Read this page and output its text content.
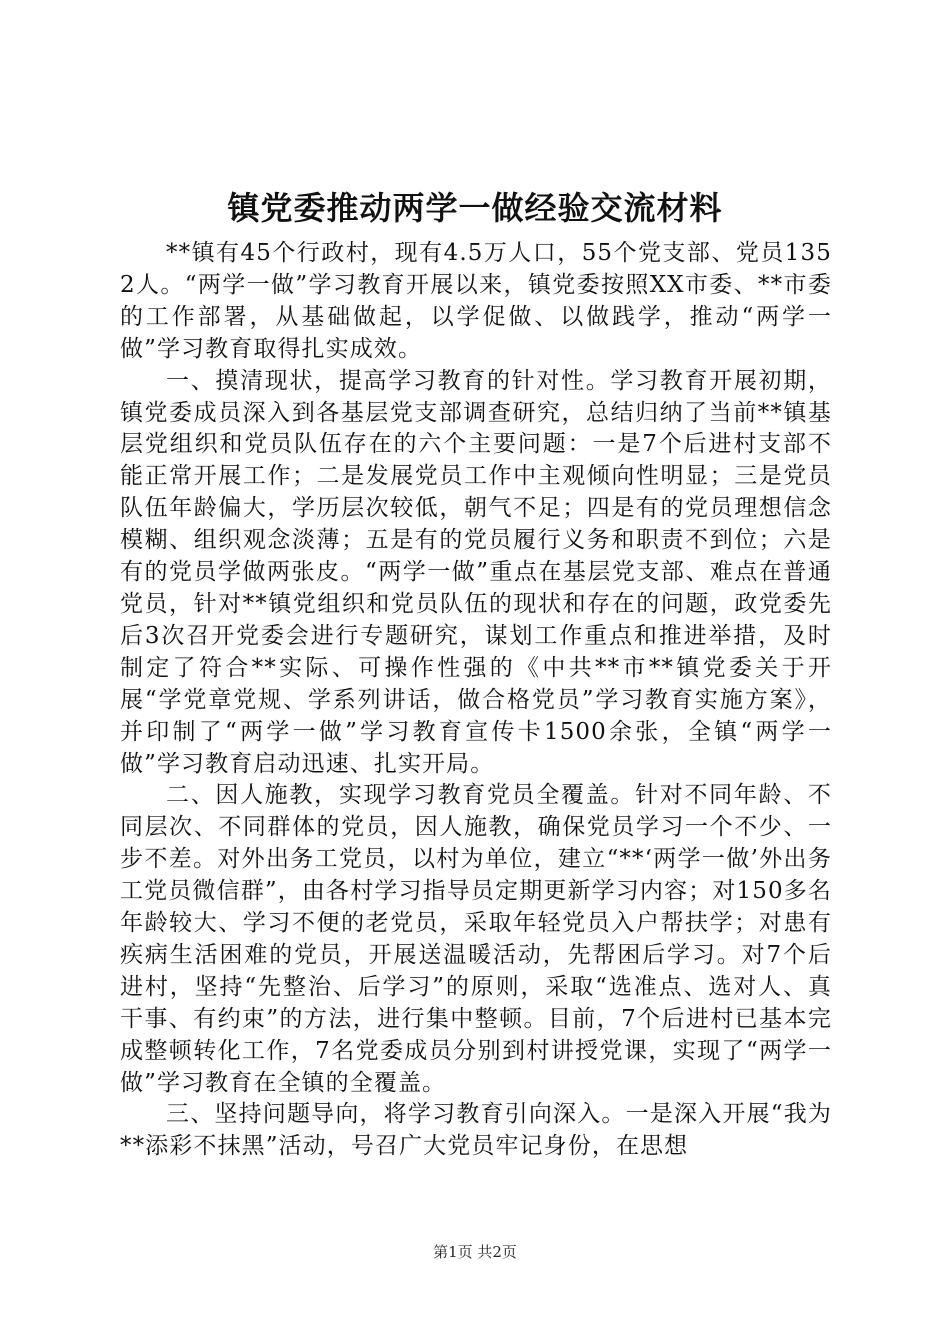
镇党委推动两学一做经验交流材料

**镇有45个行政村，现有4.5万人口，55个党支部、党员1352人。“两学一做”学习教育开展以来，镇党委按照XX市委、**市委的工作部署，从基础做起，以学促做、以做践学，推动“两学一做”学习教育取得扎实成效。

一、摸清现状，提高学习教育的针对性。学习教育开展初期，镇党委成员深入到各基层党支部调查研究，总结归纳了当前**镇基层党组织和党员队伍存在的六个主要问题：一是7个后进村支部不能正常开展工作；二是发展党员工作中主观倾向性明显；三是党员队伍年龄偏大，学历层次较低，朝气不足；四是有的党员理想信念模糊、组织观念淡薄；五是有的党员履行义务和职责不到位；六是有的党员学做两张皮。“两学一做”重点在基层党支部、难点在普通党员，针对**镇党组织和党员队伍的现状和存在的问题，政党委先后3次召开党委会进行专题研究，谋划工作重点和推进举措，及时制定了符合**实际、可操作性强的《中共**市**镇党委关于开展“学党章党规、学系列讲话，做合格党员”学习教育实施方案》，并印制了“两学一做”学习教育宣传卡1500余张，全镇“两学一做”学习教育启动迅速、扎实开局。

二、因人施教，实现学习教育党员全覆盖。针对不同年龄、不同层次、不同群体的党员，因人施教，确保党员学习一个不少、一步不差。对外出务工党员，以村为单位，建立“**‘两学一做’外出务工党员微信群”，由各村学习指导员定期更新学习内容；对150多名年龄较大、学习不便的老党员，采取年轻党员入户帮扶学；对患有疾病生活困难的党员，开展送温暖活动，先帮困后学习。对7个后进村，坚持“先整治、后学习”的原则，采取“选准点、选对人、真干事、有约束”的方法，进行集中整顿。目前，7个后进村已基本完成整顿转化工作，7名党委成员分别到村讲授党课，实现了“两学一做”学习教育在全镇的全覆盖。

三、坚持问题导向，将学习教育引向深入。一是深入开展“我为**添彩不抹黑”活动，号召广大党员牢记身份，在思想

第1页 共2页
